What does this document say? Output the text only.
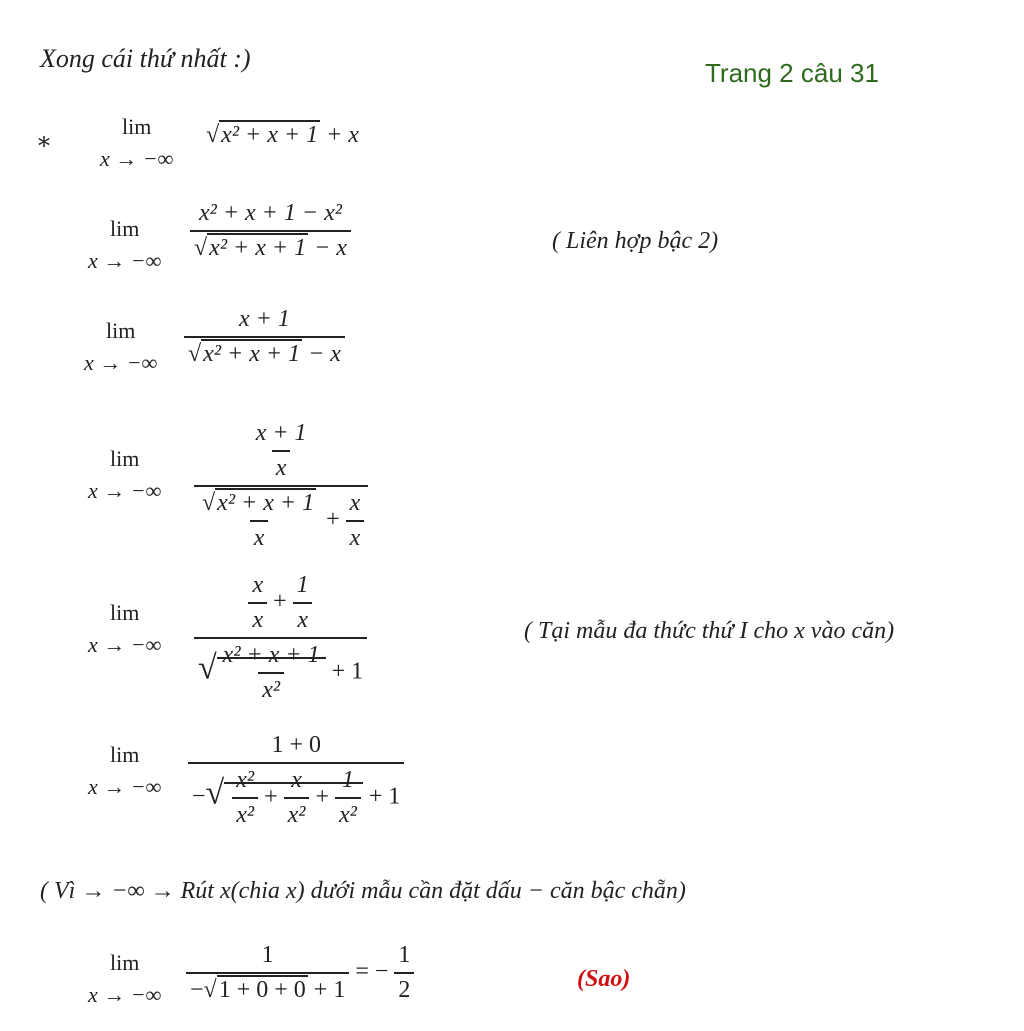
Xong cái thứ nhất :)	Trang 2 câu 31
*
lim
x → −∞
√x² + x + 1 + x
lim
x → −∞ $\frac{\text{x² + x + 1 − x²}}{\text{√x² + x + 1 − x}}$	( Liên hợp bậc 2)
lim
x → −∞ $\frac{x + 1}{\text{√x² + x + 1 − x}}$
lim
x → −∞ $\frac{\frac{x + 1}{x}}{\frac{\text{√x² + x + 1}}{x} + \frac{x}{x}}$
lim
x → −∞ $\frac{\frac{x}{x} + \frac{1}{x}}{√ \frac{\text{x² + x + 1}}{\text{x²}} + 1}$	( Tại mẫu đa thức thứ I cho x vào căn)
lim
x → −∞
1 + 0
−√ $\frac{\text{x²}}{\text{x²}} + \frac{x}{\text{x²}} + \frac{1}{\text{x²}} + 1$
( Vì → −∞ → Rút x(chia x) dưới mẫu cần đặt dấu − căn bậc chẵn)
lim
x → −∞ $\frac{1}{-√1 + 0 + 0 + 1}$ = − $\frac{1}{2}$	(Sao)
